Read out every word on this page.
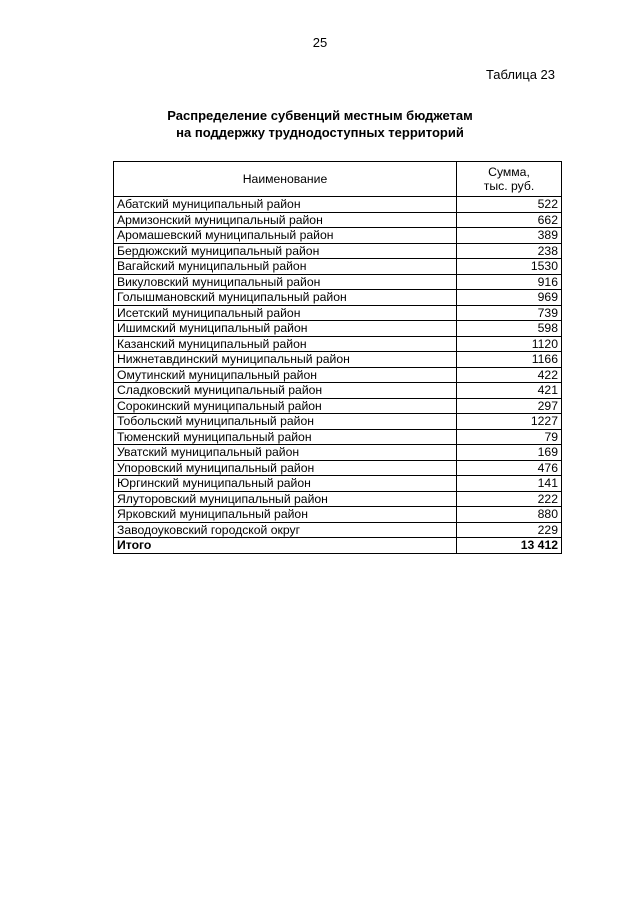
25
Таблица 23
Распределение субвенций местным бюджетам
на поддержку труднодоступных территорий
Наименование	Сумма,
тыс. руб.

Абатский муниципальный район	522
Армизонский муниципальный район	662
Аромашевский муниципальный район	389
Бердюжский муниципальный район	238
Вагайский муниципальный район	1530
Викуловский муниципальный район	916
Голышмановский муниципальный район	969
Исетский муниципальный район	739
Ишимский муниципальный район	598
Казанский муниципальный район	1120
Нижнетавдинский муниципальный район	1166
Омутинский муниципальный район	422
Сладковский муниципальный район	421
Сорокинский муниципальный район	297
Тобольский муниципальный район	1227
Тюменский муниципальный район	79
Уватский муниципальный район	169
Упоровский муниципальный район	476
Юргинский муниципальный район	141
Ялуторовский муниципальный район	222
Ярковский муниципальный район	880
Заводоуковский городской округ	229
Итого	13 412
